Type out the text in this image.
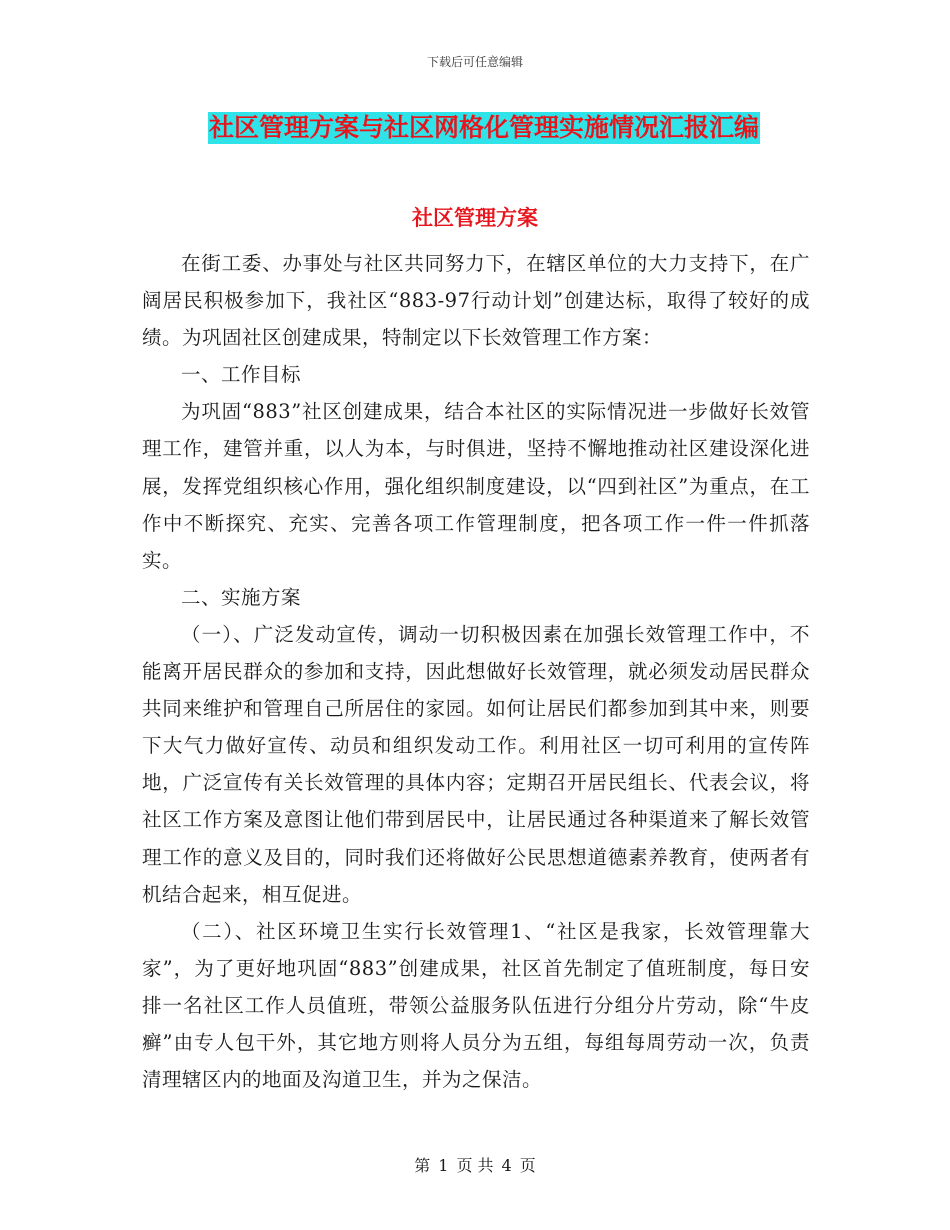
下载后可任意编辑
社区管理方案与社区网格化管理实施情况汇报汇编
社区管理方案

在街工委、办事处与社区共同努力下，在辖区单位的大力支持下，在广阔居民积极参加下，我社区“883-97行动计划”创建达标，取得了较好的成绩。为巩固社区创建成果，特制定以下长效管理工作方案：

一、工作目标

为巩固“883”社区创建成果，结合本社区的实际情况进一步做好长效管理工作，建管并重，以人为本，与时俱进，坚持不懈地推动社区建设深化进展，发挥党组织核心作用，强化组织制度建设，以“四到社区”为重点，在工作中不断探究、充实、完善各项工作管理制度，把各项工作一件一件抓落实。

二、实施方案

（一）、广泛发动宣传，调动一切积极因素在加强长效管理工作中，不能离开居民群众的参加和支持，因此想做好长效管理，就必须发动居民群众共同来维护和管理自己所居住的家园。如何让居民们都参加到其中来，则要下大气力做好宣传、动员和组织发动工作。利用社区一切可利用的宣传阵地，广泛宣传有关长效管理的具体内容；定期召开居民组长、代表会议，将社区工作方案及意图让他们带到居民中，让居民通过各种渠道来了解长效管理工作的意义及目的，同时我们还将做好公民思想道德素养教育，使两者有机结合起来，相互促进。

（二）、社区环境卫生实行长效管理1、“社区是我家，长效管理靠大家”，为了更好地巩固“883”创建成果，社区首先制定了值班制度，每日安排一名社区工作人员值班，带领公益服务队伍进行分组分片劳动，除“牛皮癣”由专人包干外，其它地方则将人员分为五组，每组每周劳动一次，负责清理辖区内的地面及沟道卫生，并为之保洁。

第 1 页 共 4 页
